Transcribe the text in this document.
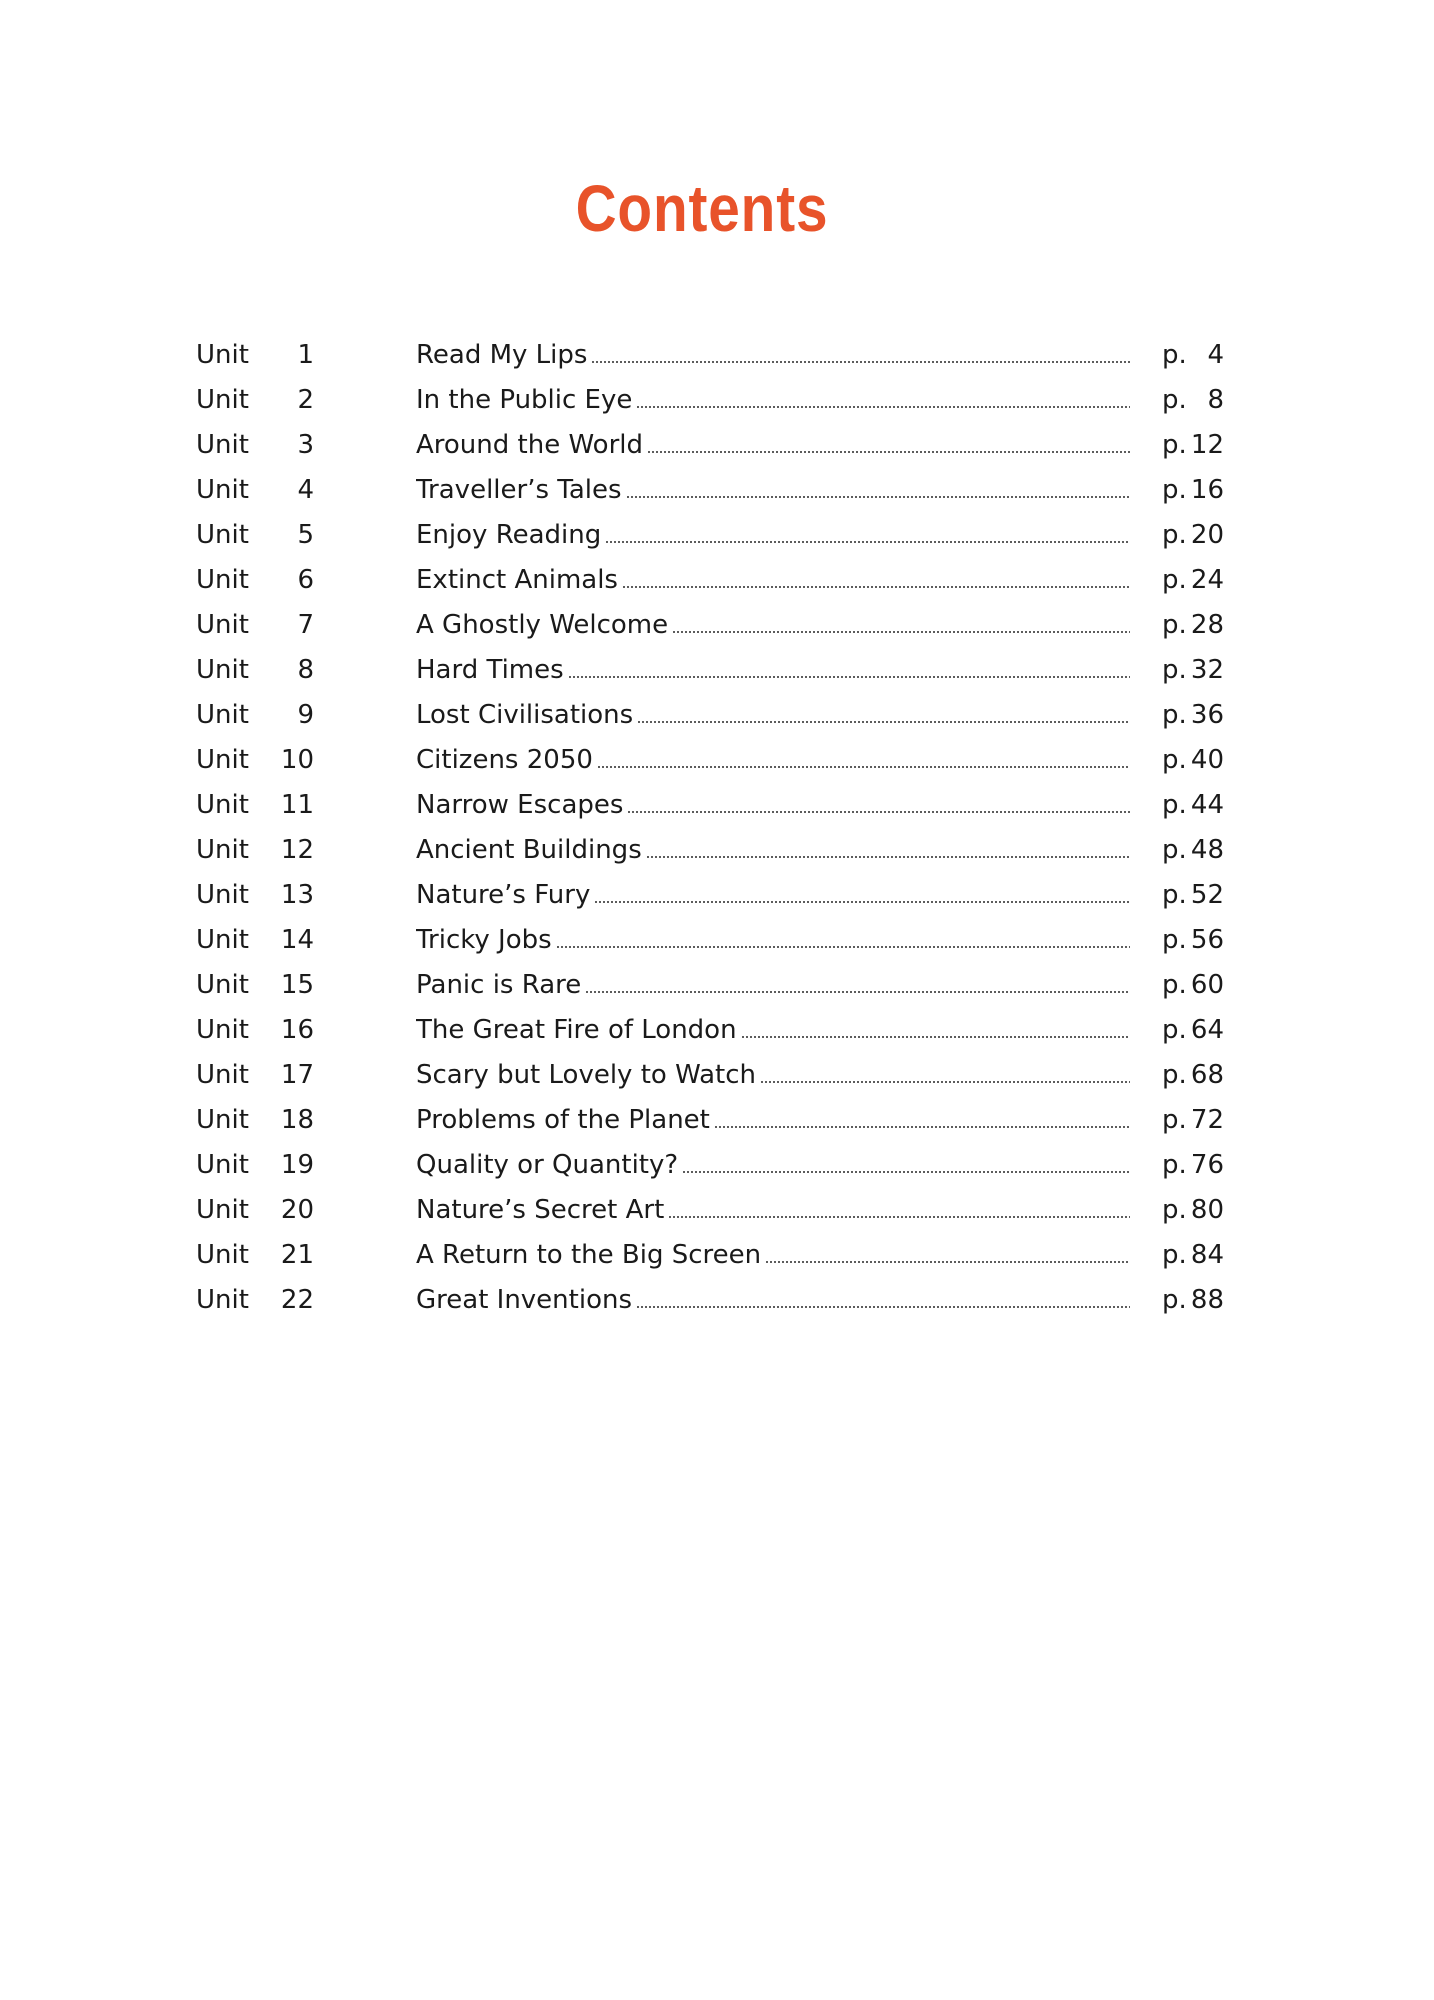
Contents
Unit	1	Read My Lips	p. 4
Unit	2	In the Public Eye	p. 8
Unit	3	Around the World	p. 12
Unit	4	Traveller’s Tales	p. 16
Unit	5	Enjoy Reading	p. 20
Unit	6	Extinct Animals	p. 24
Unit	7	A Ghostly Welcome	p. 28
Unit	8	Hard Times	p. 32
Unit	9	Lost Civilisations	p. 36
Unit	10	Citizens 2050	p. 40
Unit	11	Narrow Escapes	p. 44
Unit	12	Ancient Buildings	p. 48
Unit	13	Nature’s Fury	p. 52
Unit	14	Tricky Jobs	p. 56
Unit	15	Panic is Rare	p. 60
Unit	16	The Great Fire of London	p. 64
Unit	17	Scary but Lovely to Watch	p. 68
Unit	18	Problems of the Planet	p. 72
Unit	19	Quality or Quantity?	p. 76
Unit	20	Nature’s Secret Art	p. 80
Unit	21	A Return to the Big Screen	p. 84
Unit	22	Great Inventions	p. 88
